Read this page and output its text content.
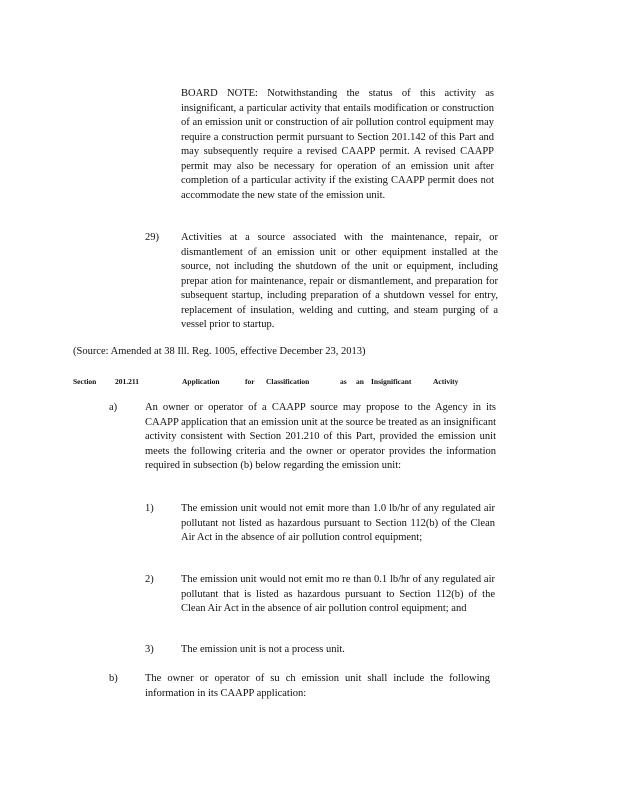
BOARD NOTE: Notwithstanding the status of this activity as insignificant, a particular activity that entails modification or construction of an emission unit or construction of air pollution control equipment may require a construction permit pursuant to Section 201.142 of this Part and may subsequently require a revised CAAPP permit. A revised CAAPP permit may also be necessary for operation of an emission unit after completion of a particular activity if the existing CAAPP permit does not accommodate the new state of the emission unit.

29) Activities at a source associated with the maintenance, repair, or dismantlement of an emission unit or other equipment installed at the source, not including the shutdown of the unit or equipment, including prepar ation for maintenance, repair or dismantlement, and preparation for subsequent startup, including preparation of a shutdown vessel for entry, replacement of insulation, welding and cutting, and steam purging of a vessel prior to startup.

(Source: Amended at 38 Ill. Reg. 1005, effective December 23, 2013)

Section 201.211	Application	for Classification	as an Insignificant	Activity

a)	An owner or operator of a CAAPP source may propose to the Agency in its CAAPP application that an emission unit at the source be treated as an insignificant activity consistent with Section 201.210 of this Part, provided the emission unit meets the following criteria and the owner or operator provides the information required in subsection (b) below regarding the emission unit:

1)	The emission unit would not emit more than 1.0 lb/hr of any regulated air pollutant not listed as hazardous pursuant to Section 112(b) of the Clean Air Act in the absence of air pollution control equipment;

2)	The emission unit would not emit mo re than 0.1 lb/hr of any regulated air pollutant that is listed as hazardous pursuant to Section 112(b) of the Clean Air Act in the absence of air pollution control equipment; and

3)	The emission unit is not a process unit.

b)	The owner or operator of su ch emission unit shall include the following information in its CAAPP application:
